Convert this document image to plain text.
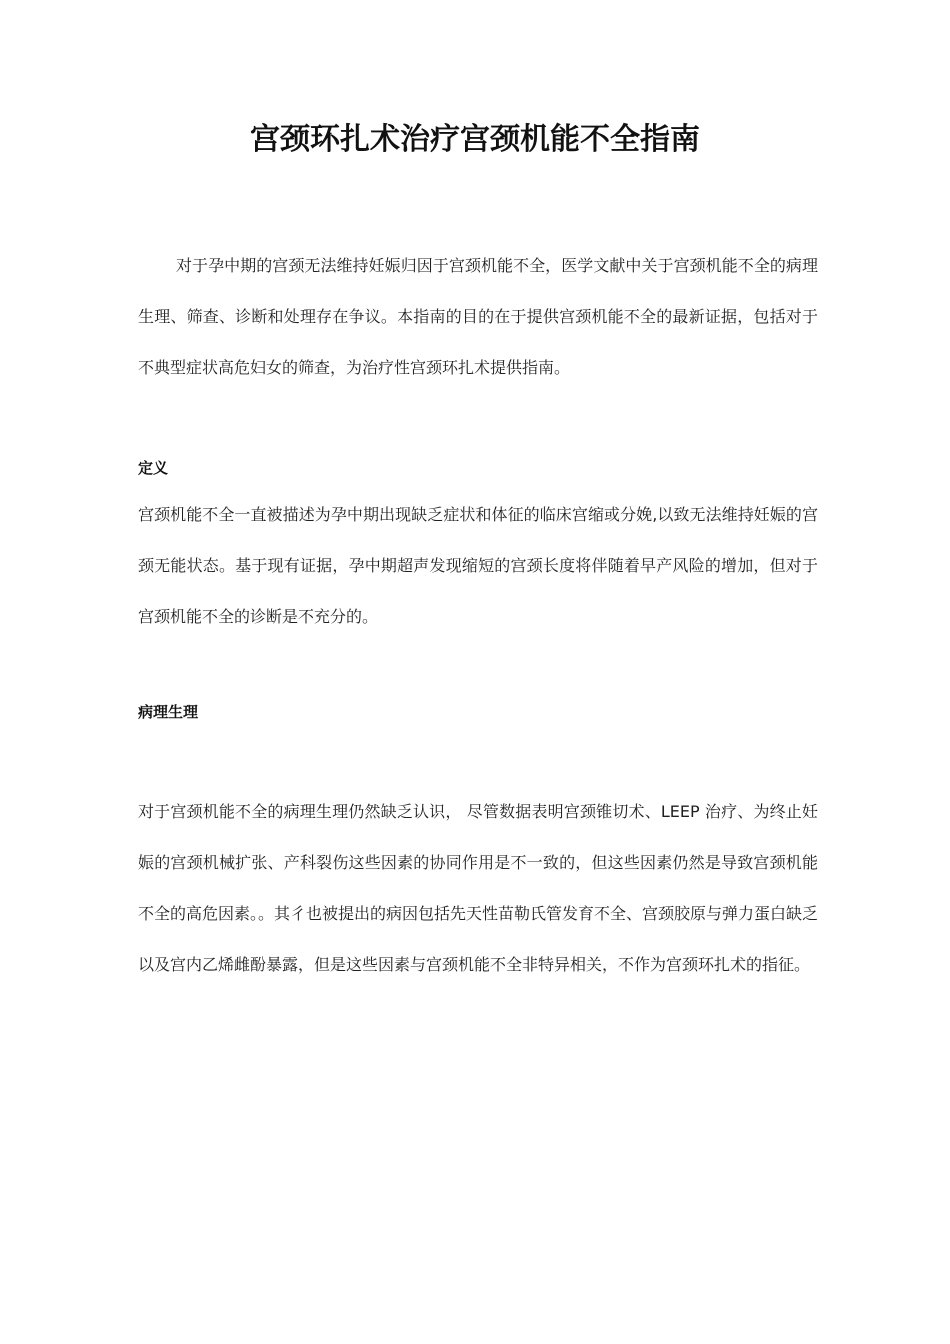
宫颈环扎术治疗宫颈机能不全指南

对于孕中期的宫颈无法维持妊娠归因于宫颈机能不全，医学文献中关于宫颈机能不全的病理生理、筛查、诊断和处理存在争议。本指南的目的在于提供宫颈机能不全的最新证据，包括对于不典型症状高危妇女的筛查，为治疗性宫颈环扎术提供指南。

定义

宫颈机能不全一直被描述为孕中期出现缺乏症状和体征的临床宫缩或分娩,以致无法维持妊娠的宫颈无能状态。基于现有证据，孕中期超声发现缩短的宫颈长度将伴随着早产风险的增加，但对于宫颈机能不全的诊断是不充分的。

病理生理

对于宫颈机能不全的病理生理仍然缺乏认识， 尽管数据表明宫颈锥切术、LEEP 治疗、为终止妊娠的宫颈机械扩张、产科裂伤这些因素的协同作用是不一致的，但这些因素仍然是导致宫颈机能不全的高危因素。。其彳也被提出的病因包括先天性苗勒氏管发育不全、宫颈胶原与弹力蛋白缺乏以及宫内乙烯雌酚暴露，但是这些因素与宫颈机能不全非特异相关，不作为宫颈环扎术的指征。
